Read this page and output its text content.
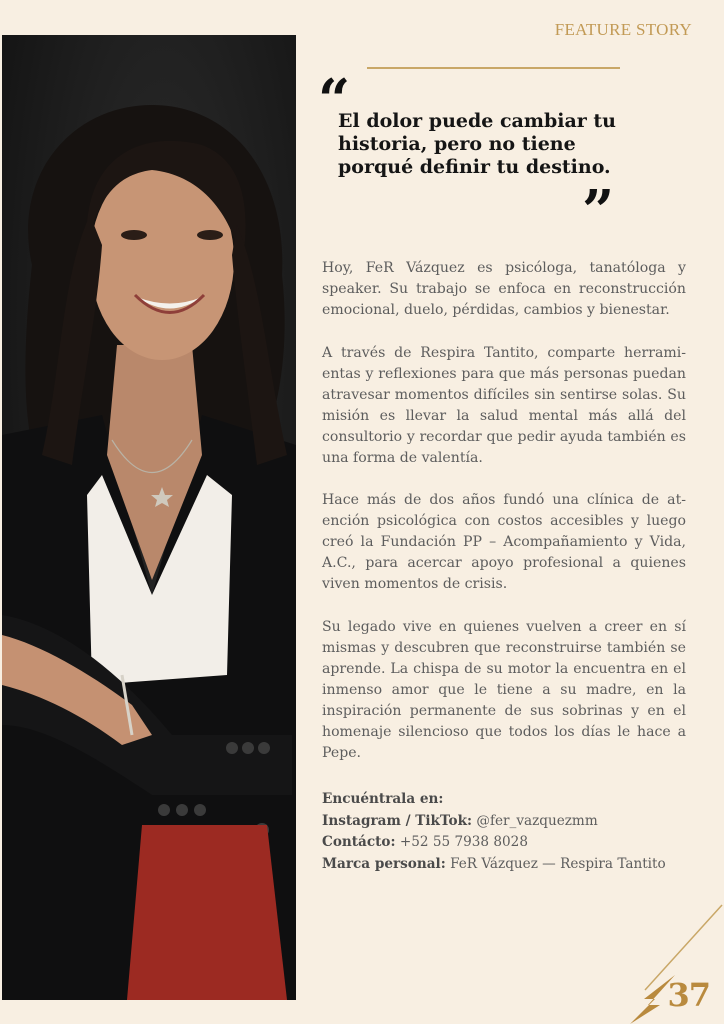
FEATURE STORY
“

El dolor puede cambiar tu historia, pero no tiene porqué definir tu destino.

”

Hoy, FeR Vázquez es psicóloga, tanatóloga y speaker. Su trabajo se enfoca en reconstrucción emocional, duelo, pérdidas, cambios y bienestar.

A través de Respira Tantito, comparte herramientas y reflexiones para que más personas puedan atravesar momentos difíciles sin sentirse solas. Su misión es llevar la salud mental más allá del consultorio y recordar que pedir ayuda también es una forma de valentía.

Hace más de dos años fundó una clínica de atención psicológica con costos accesibles y luego creó la Fundación PP – Acompañamiento y Vida, A.C., para acercar apoyo profesional a quienes viven momentos de crisis.

Su legado vive en quienes vuelven a creer en sí mismas y descubren que reconstruirse también se aprende. La chispa de su motor la encuentra en el inmenso amor que le tiene a su madre, en la inspiración permanente de sus sobrinas y en el homenaje silencioso que todos los días le hace a Pepe.

Encuéntrala en:
Instagram / TikTok: @fer_vazquezmm
Contácto: +52 55 7938 8028
Marca personal: FeR Vázquez — Respira Tantito
37
